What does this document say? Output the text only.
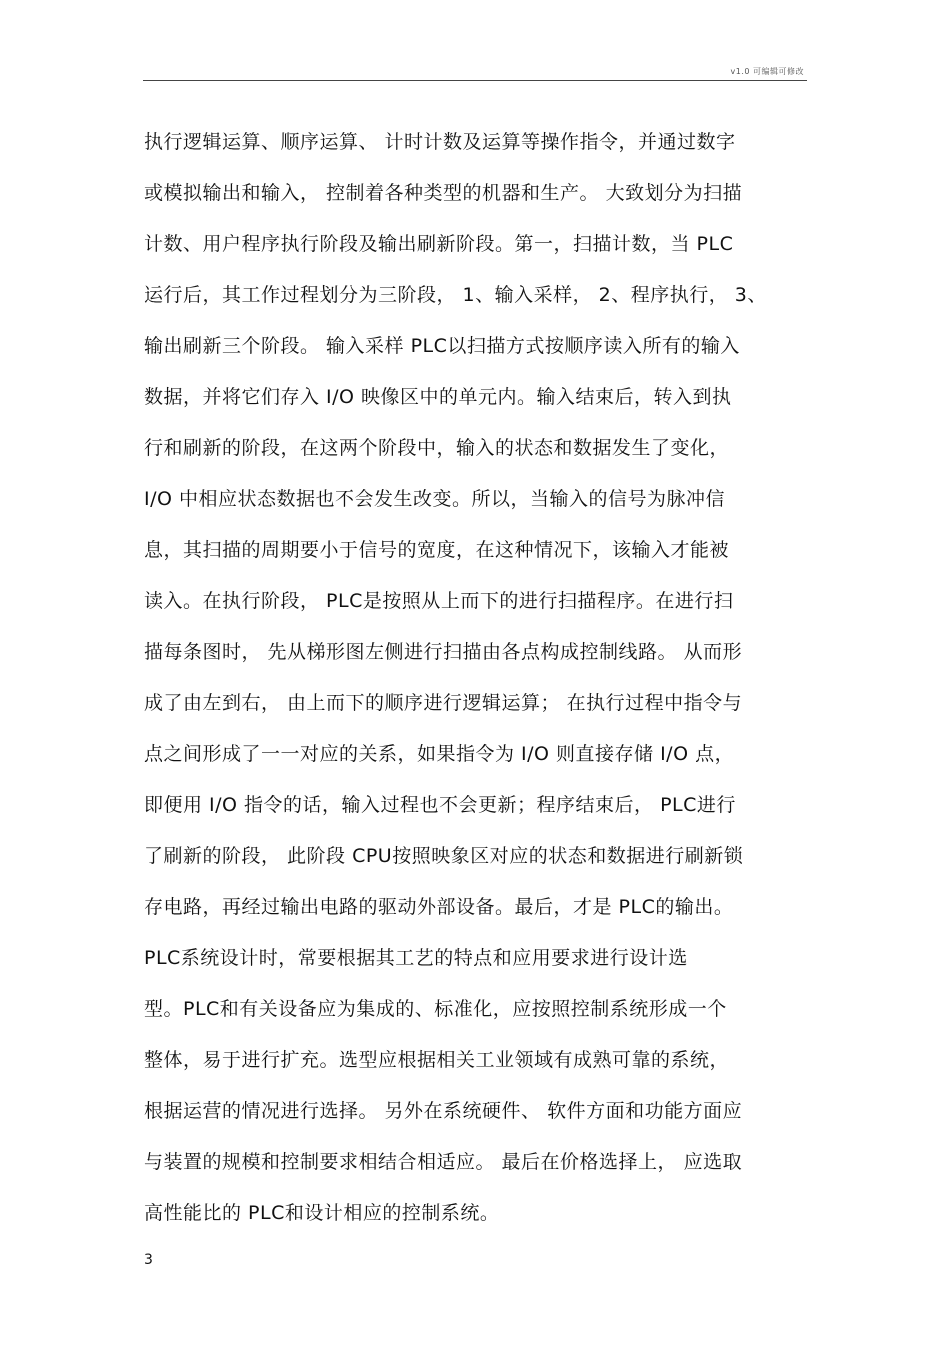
v1.0 可编辑可修改
执行逻辑运算、顺序运算、 计时计数及运算等操作指令，并通过数字
或模拟输出和输入， 控制着各种类型的机器和生产。 大致划分为扫描
计数、用户程序执行阶段及输出刷新阶段。第一，扫描计数，当 PLC
运行后，其工作过程划分为三阶段， 1、输入采样， 2、程序执行， 3、
输出刷新三个阶段。 输入采样 PLC以扫描方式按顺序读入所有的输入
数据，并将它们存入 I/O 映像区中的单元内。输入结束后，转入到执
行和刷新的阶段，在这两个阶段中，输入的状态和数据发生了变化，
I/O 中相应状态数据也不会发生改变。所以，当输入的信号为脉冲信
息，其扫描的周期要小于信号的宽度，在这种情况下，该输入才能被
读入。在执行阶段， PLC是按照从上而下的进行扫描程序。在进行扫
描每条图时， 先从梯形图左侧进行扫描由各点构成控制线路。 从而形
成了由左到右， 由上而下的顺序进行逻辑运算； 在执行过程中指令与
点之间形成了一一对应的关系，如果指令为 I/O 则直接存储 I/O 点，
即便用 I/O 指令的话，输入过程也不会更新；程序结束后， PLC进行
了刷新的阶段， 此阶段 CPU按照映象区对应的状态和数据进行刷新锁
存电路，再经过输出电路的驱动外部设备。最后，才是 PLC的输出。
PLC系统设计时，常要根据其工艺的特点和应用要求进行设计选
型。PLC和有关设备应为集成的、标准化，应按照控制系统形成一个
整体，易于进行扩充。选型应根据相关工业领域有成熟可靠的系统，
根据运营的情况进行选择。 另外在系统硬件、 软件方面和功能方面应
与装置的规模和控制要求相结合相适应。 最后在价格选择上， 应选取
高性能比的 PLC和设计相应的控制系统。
3
